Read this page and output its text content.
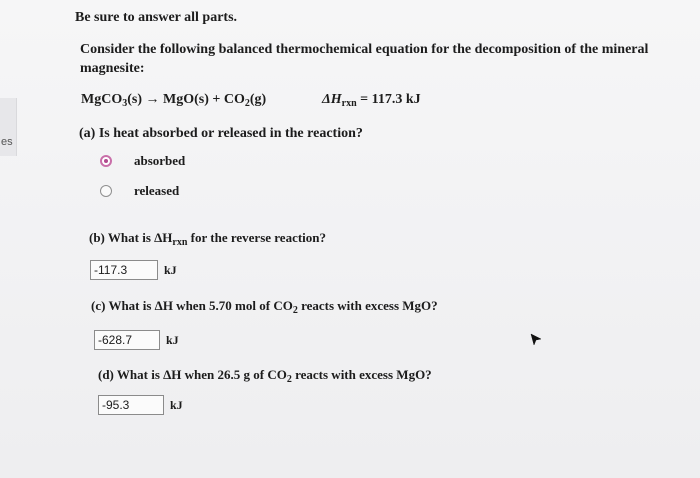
es
Be sure to answer all parts.
Consider the following balanced thermochemical equation for the decomposition of the mineral magnesite:
MgCO$_3$(s) → $MgO(s) + CO_2(g)$	$\Delta H_{rxn} = 117.3$ kJ
(a) Is heat absorbed or released in the reaction?
absorbed
released
(b) What is $\Delta H_{rxn}$ for the reverse reaction?
-117.3	kJ
(c) What is ΔH when 5.70 mol of $CO_2$ reacts with excess MgO?
-628.7	kJ
(d) What is ΔH when 26.5 g of $CO_2$ reacts with excess MgO?
-95.3	kJ
